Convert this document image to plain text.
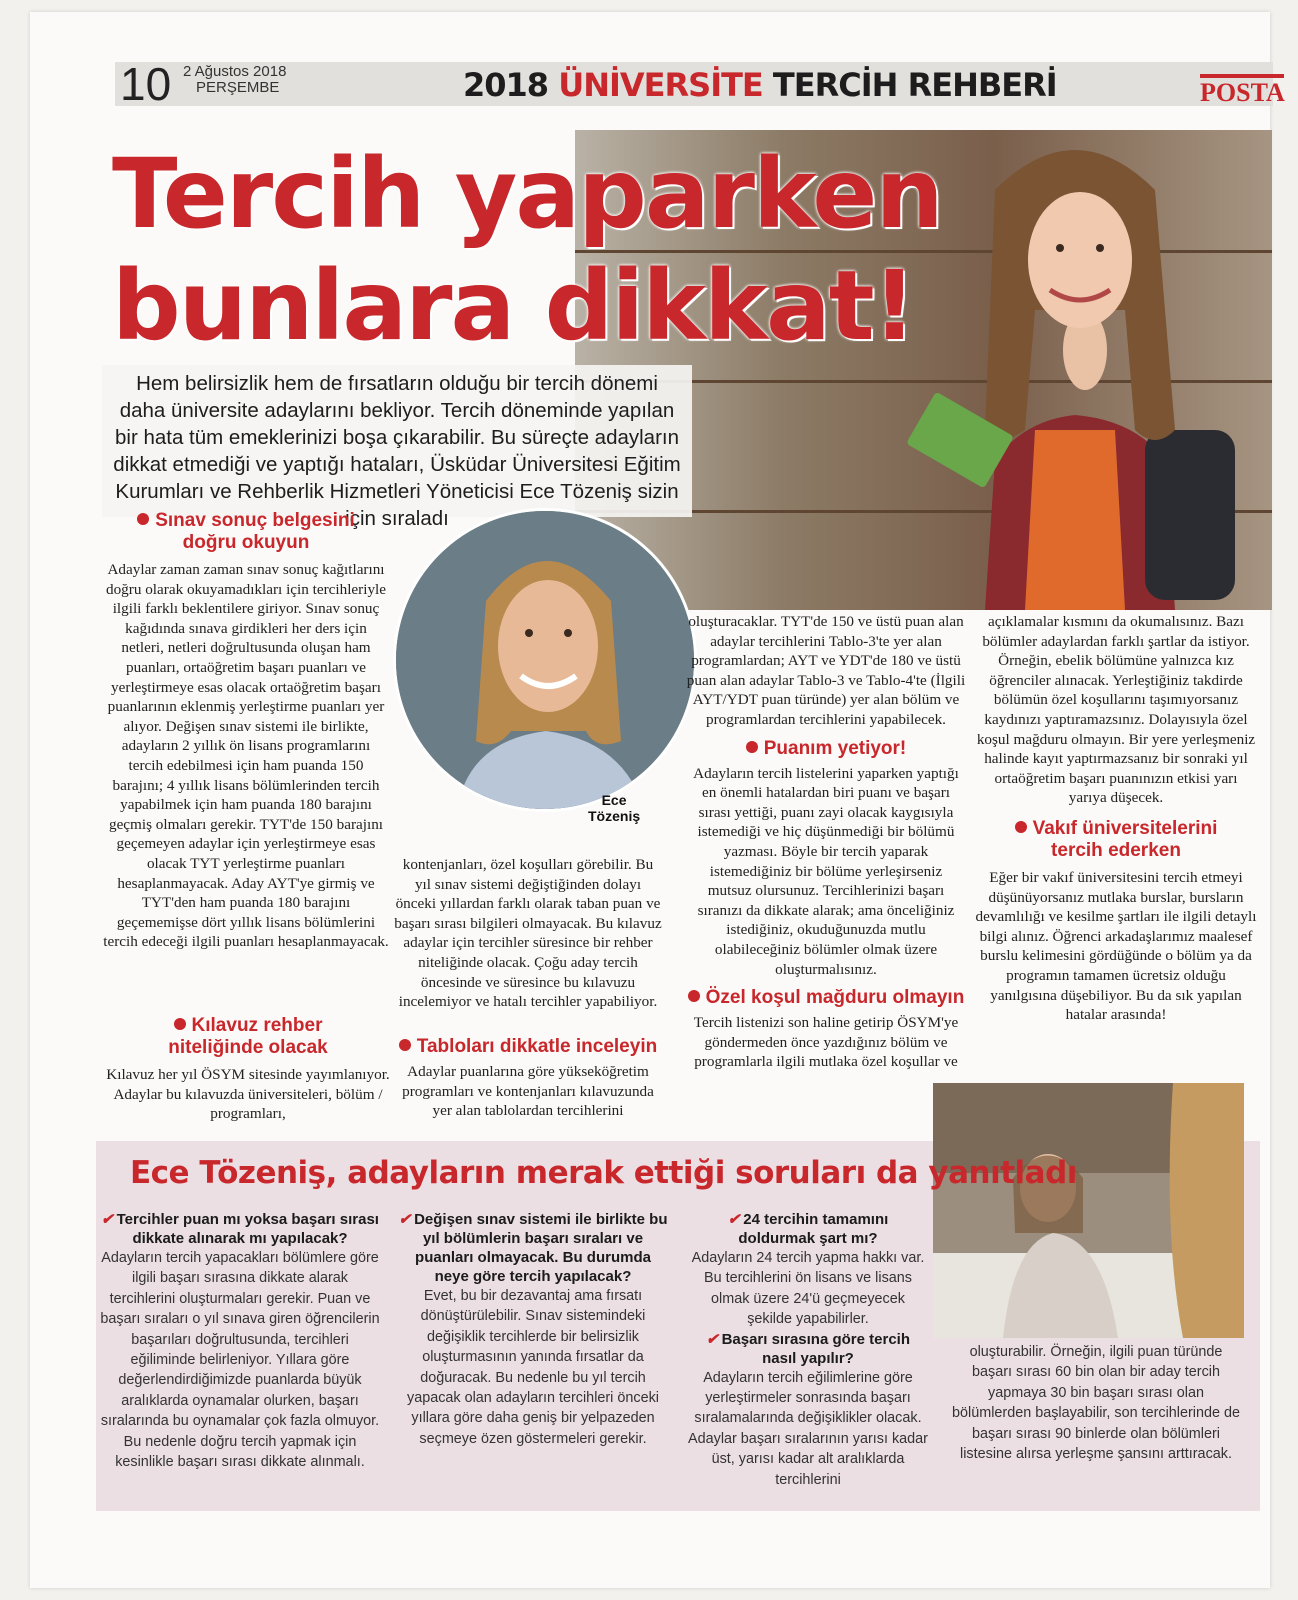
10 2 Ağustos 2018
PERŞEMBE	2018 ÜNİVERSİTE TERCİH REHBERİ	POSTA
Tercih yaparken
bunlara dikkat!
Hem belirsizlik hem de fırsatların olduğu bir tercih dönemi daha üniversite adaylarını bekliyor. Tercih döneminde yapılan bir hata tüm emeklerinizi boşa çıkarabilir. Bu süreçte adayların dikkat etmediği ve yaptığı hataları, Üsküdar Üniversitesi Eğitim Kurumları ve Rehberlik Hizmetleri Yöneticisi Ece Tözeniş sizin için sıraladı
Ece
Tözeniş
Sınav sonuç belgesini
doğru okuyun

Adaylar zaman zaman sınav sonuç kağıtlarını doğru olarak okuyamadıkları için tercihleriyle ilgili farklı beklentilere giriyor. Sınav sonuç kağıdında sınava girdikleri her ders için netleri, netleri doğrultusunda oluşan ham puanları, ortaöğretim başarı puanları ve yerleştirmeye esas olacak ortaöğretim başarı puanlarının eklenmiş yerleştirme puanları yer alıyor. Değişen sınav sistemi ile birlikte, adayların 2 yıllık ön lisans programlarını tercih edebilmesi için ham puanda 150 barajını; 4 yıllık lisans bölümlerinden tercih yapabilmek için ham puanda 180 barajını geçmiş olmaları gerekir. TYT'de 150 barajını geçemeyen adaylar için yerleştirmeye esas olacak TYT yerleştirme puanları hesaplanmayacak. Aday AYT'ye girmiş ve TYT'den ham puanda 180 barajını geçememişse dört yıllık lisans bölümlerini tercih edeceği ilgili puanları hesaplanmayacak.

Kılavuz rehber
niteliğinde olacak

Kılavuz her yıl ÖSYM sitesinde yayımlanıyor. Adaylar bu kılavuzda üniversiteleri, bölüm / programları,

kontenjanları, özel koşulları görebilir. Bu yıl sınav sistemi değiştiğinden dolayı önceki yıllardan farklı olarak taban puan ve başarı sırası bilgileri olmayacak. Bu kılavuz adaylar için tercihler süresince bir rehber niteliğinde olacak. Çoğu aday tercih öncesinde ve süresince bu kılavuzu incelemiyor ve hatalı tercihler yapabiliyor.

Tabloları dikkatle inceleyin

Adaylar puanlarına göre yükseköğretim programları ve kontenjanları kılavuzunda yer alan tablolardan tercihlerini

oluşturacaklar. TYT'de 150 ve üstü puan alan adaylar tercihlerini Tablo-3'te yer alan programlardan; AYT ve YDT'de 180 ve üstü puan alan adaylar Tablo-3 ve Tablo-4'te (İlgili AYT/YDT puan türünde) yer alan bölüm ve programlardan tercihlerini yapabilecek.

Puanım yetiyor!

Adayların tercih listelerini yaparken yaptığı en önemli hatalardan biri puanı ve başarı sırası yettiği, puanı zayi olacak kaygısıyla istemediği ve hiç düşünmediği bir bölümü yazması. Böyle bir tercih yaparak istemediğiniz bir bölüme yerleşirseniz mutsuz olursunuz. Tercihlerinizi başarı sıranızı da dikkate alarak; ama önceliğiniz istediğiniz, okuduğunuzda mutlu olabileceğiniz bölümler olmak üzere oluşturmalısınız.

Özel koşul mağduru olmayın

Tercih listenizi son haline getirip ÖSYM'ye göndermeden önce yazdığınız bölüm ve programlarla ilgili mutlaka özel koşullar ve

açıklamalar kısmını da okumalısınız. Bazı bölümler adaylardan farklı şartlar da istiyor. Örneğin, ebelik bölümüne yalnızca kız öğrenciler alınacak. Yerleştiğiniz takdirde bölümün özel koşullarını taşımıyorsanız kaydınızı yaptıramazsınız. Dolayısıyla özel koşul mağduru olmayın. Bir yere yerleşmeniz halinde kayıt yaptırmazsanız bir sonraki yıl ortaöğretim başarı puanınızın etkisi yarı yarıya düşecek.

Vakıf üniversitelerini
tercih ederken

Eğer bir vakıf üniversitesini tercih etmeyi düşünüyorsanız mutlaka burslar, bursların devamlılığı ve kesilme şartları ile ilgili detaylı bilgi alınız. Öğrenci arkadaşlarımız maalesef burslu kelimesini gördüğünde o bölüm ya da programın tamamen ücretsiz olduğu yanılgısına düşebiliyor. Bu da sık yapılan hatalar arasında!

Ece Tözeniş, adayların merak ettiği soruları da yanıtladı
✔ Tercihler puan mı yoksa başarı sırası dikkate alınarak mı yapılacak?
Adayların tercih yapacakları bölümlere göre ilgili başarı sırasına dikkate alarak tercihlerini oluşturmaları gerekir. Puan ve başarı sıraları o yıl sınava giren öğrencilerin başarıları doğrultusunda, tercihleri eğiliminde belirleniyor. Yıllara göre değerlendirdiğimizde puanlarda büyük aralıklarda oynamalar olurken, başarı sıralarında bu oynamalar çok fazla olmuyor. Bu nedenle doğru tercih yapmak için kesinlikle başarı sırası dikkate alınmalı.
✔ Değişen sınav sistemi ile birlikte bu yıl bölümlerin başarı sıraları ve puanları olmayacak. Bu durumda neye göre tercih yapılacak?
Evet, bu bir dezavantaj ama fırsatı dönüştürülebilir. Sınav sistemindeki değişiklik tercihlerde bir belirsizlik oluşturmasının yanında fırsatlar da doğuracak. Bu nedenle bu yıl tercih yapacak olan adayların tercihleri önceki yıllara göre daha geniş bir yelpazeden seçmeye özen göstermeleri gerekir.
✔ 24 tercihin tamamını doldurmak şart mı?
Adayların 24 tercih yapma hakkı var. Bu tercihlerini ön lisans ve lisans olmak üzere 24'ü geçmeyecek şekilde yapabilirler.
✔ Başarı sırasına göre tercih nasıl yapılır?
Adayların tercih eğilimlerine göre yerleştirmeler sonrasında başarı sıralamalarında değişiklikler olacak. Adaylar başarı sıralarının yarısı kadar üst, yarısı kadar alt aralıklarda tercihlerini
oluşturabilir. Örneğin, ilgili puan türünde başarı sırası 60 bin olan bir aday tercih yapmaya 30 bin başarı sırası olan bölümlerden başlayabilir, son tercihlerinde de başarı sırası 90 binlerde olan bölümleri listesine alırsa yerleşme şansını arttıracak.
